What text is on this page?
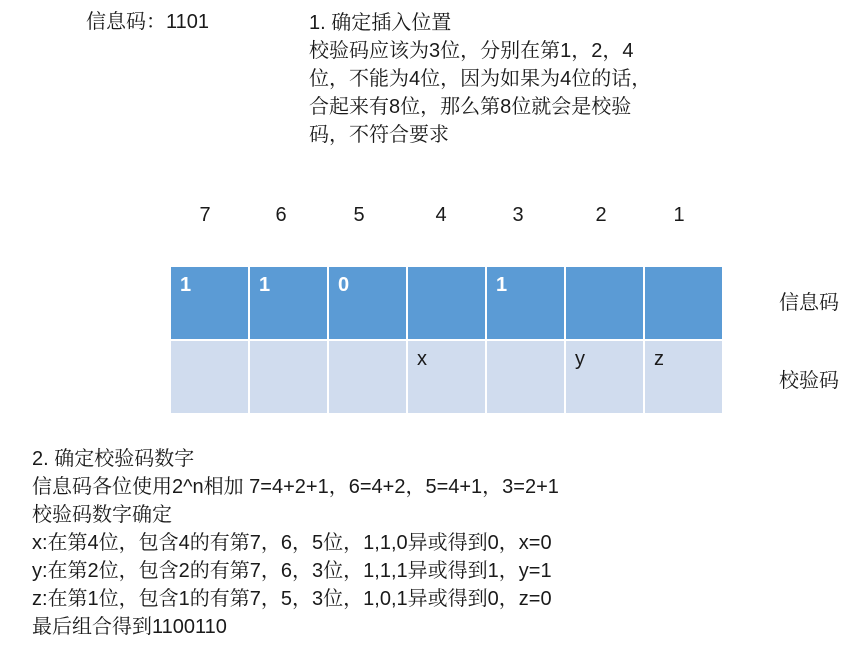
信息码：1101	1. 确定插入位置
校验码应该为3位，分别在第1，2，4
位，不能为4位，因为如果为4位的话，
合起来有8位，那么第8位就会是校验
码，不符合要求
7	6	5	4	3	2	1
1	1	0		1		

			x		y	z
信息码
校验码
2. 确定校验码数字
信息码各位使用2^n相加 7=4+2+1，6=4+2，5=4+1，3=2+1
校验码数字确定
x:在第4位，包含4的有第7，6，5位，1,1,0异或得到0，x=0
y:在第2位，包含2的有第7，6，3位，1,1,1异或得到1，y=1
z:在第1位，包含1的有第7，5，3位，1,0,1异或得到0，z=0
最后组合得到1100110
